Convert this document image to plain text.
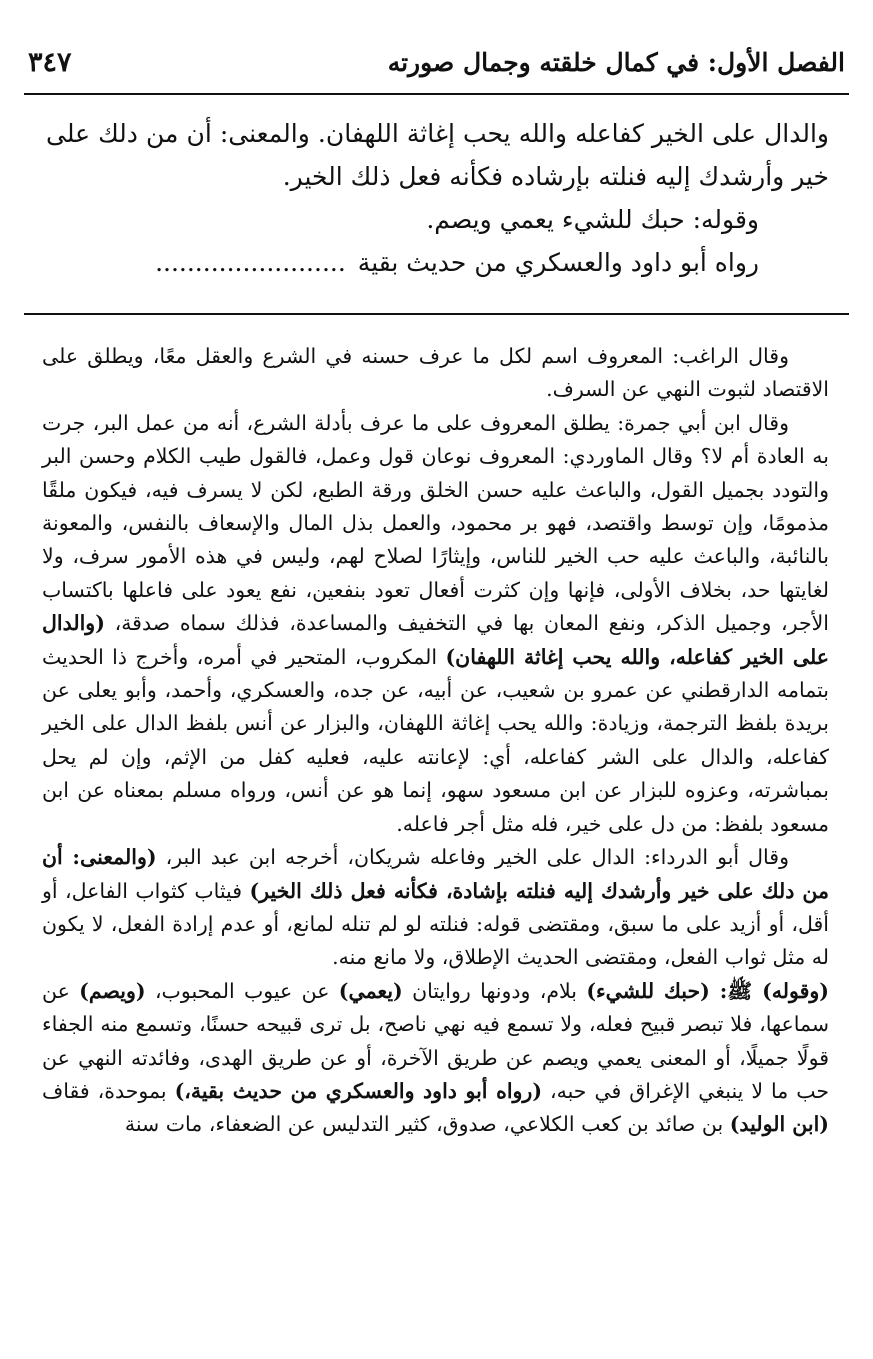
الفصل الأول: في كمال خلقته وجمال صورته
٣٤٧

والدال على الخير كفاعله والله يحب إغاثة اللهفان. والمعنى: أن من دلك على خير وأرشدك إليه فنلته بإرشاده فكأنه فعل ذلك الخير.

وقوله: حبك للشيء يعمي ويصم.

رواه أبو داود والعسكري من حديث بقية........................

وقال الراغب: المعروف اسم لكل ما عرف حسنه في الشرع والعقل معًا، ويطلق على الاقتصاد لثبوت النهي عن السرف.

وقال ابن أبي جمرة: يطلق المعروف على ما عرف بأدلة الشرع، أنه من عمل البر، جرت به العادة أم لا؟ وقال الماوردي: المعروف نوعان قول وعمل، فالقول طيب الكلام وحسن البر والتودد بجميل القول، والباعث عليه حسن الخلق ورقة الطبع، لكن لا يسرف فيه، فيكون ملقًا مذمومًا، وإن توسط واقتصد، فهو بر محمود، والعمل بذل المال والإسعاف بالنفس، والمعونة بالنائبة، والباعث عليه حب الخير للناس، وإيثارًا لصلاح لهم، وليس في هذه الأمور سرف، ولا لغايتها حد، بخلاف الأولى، فإنها وإن كثرت أفعال تعود بنفعين، نفع يعود على فاعلها باكتساب الأجر، وجميل الذكر، ونفع المعان بها في التخفيف والمساعدة، فذلك سماه صدقة، (والدال على الخير كفاعله، والله يحب إغاثة اللهفان) المكروب، المتحير في أمره، وأخرج ذا الحديث بتمامه الدارقطني عن عمرو بن شعيب، عن أبيه، عن جده، والعسكري، وأحمد، وأبو يعلى عن بريدة بلفظ الترجمة، وزيادة: والله يحب إغاثة اللهفان، والبزار عن أنس بلفظ الدال على الخير كفاعله، والدال على الشر كفاعله، أي: لإعانته عليه، فعليه كفل من الإثم، وإن لم يحل بمباشرته، وعزوه للبزار عن ابن مسعود سهو، إنما هو عن أنس، ورواه مسلم بمعناه عن ابن مسعود بلفظ: من دل على خير، فله مثل أجر فاعله.

وقال أبو الدرداء: الدال على الخير وفاعله شريكان، أخرجه ابن عبد البر، (والمعنى: أن من دلك على خير وأرشدك إليه فنلته بإشادة، فكأنه فعل ذلك الخير) فيثاب كثواب الفاعل، أو أقل، أو أزيد على ما سبق، ومقتضى قوله: فنلته لو لم تنله لمانع، أو عدم إرادة الفعل، لا يكون له مثل ثواب الفعل، ومقتضى الحديث الإطلاق، ولا مانع منه.

(وقوله) ﷺ: (حبك للشيء) بلام، ودونها روايتان (يعمي) عن عيوب المحبوب، (ويصم) عن سماعها، فلا تبصر قبيح فعله، ولا تسمع فيه نهي ناصح، بل ترى قبيحه حسنًا، وتسمع منه الجفاء قولًا جميلًا، أو المعنى يعمي ويصم عن طريق الآخرة، أو عن طريق الهدى، وفائدته النهي عن حب ما لا ينبغي الإغراق في حبه، (رواه أبو داود والعسكري من حديث بقية،) بموحدة، فقاف (ابن الوليد) بن صائد بن كعب الكلاعي، صدوق، كثير التدليس عن الضعفاء، مات سنة
